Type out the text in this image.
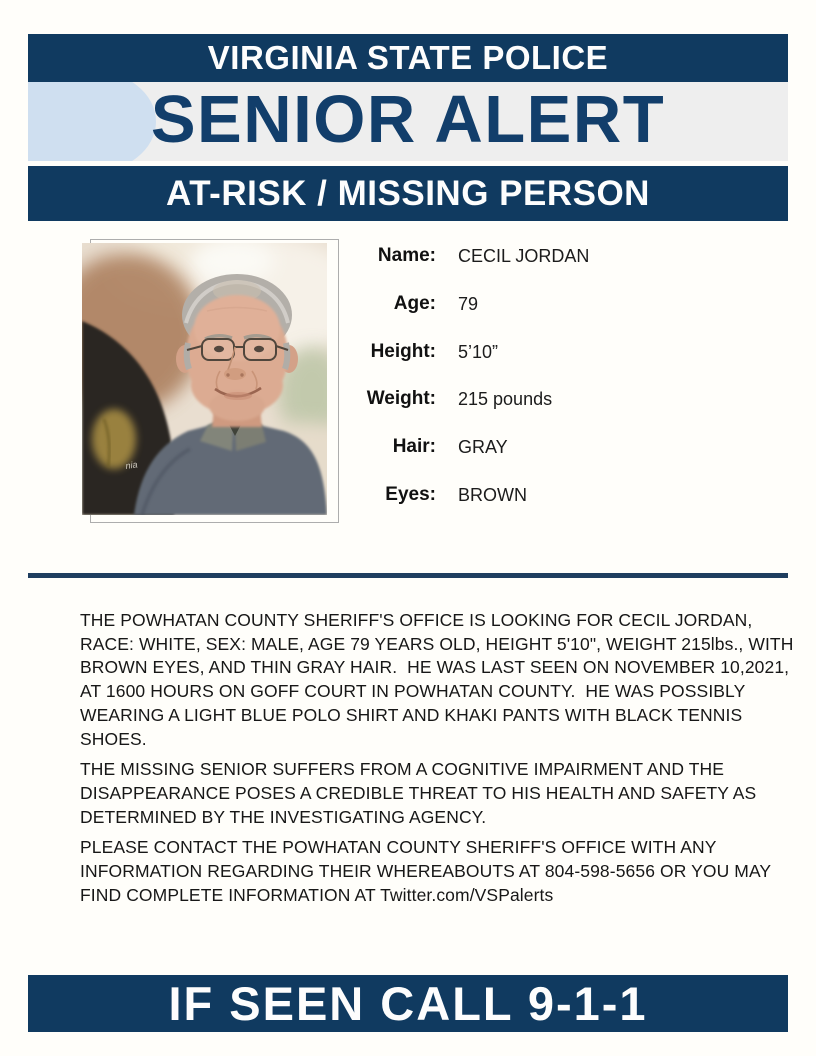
VIRGINIA STATE POLICE
SENIOR ALERT
AT-RISK / MISSING PERSON
nia
Name: CECIL JORDAN
Age: 79
Height: 5’10”
Weight: 215 pounds
Hair: GRAY
Eyes: BROWN
THE POWHATAN COUNTY SHERIFF'S OFFICE IS LOOKING FOR CECIL JORDAN,
RACE: WHITE, SEX: MALE, AGE 79 YEARS OLD, HEIGHT 5'10", WEIGHT 215lbs., WITH
BROWN EYES, AND THIN GRAY HAIR.  HE WAS LAST SEEN ON NOVEMBER 10,2021,
AT 1600 HOURS ON GOFF COURT IN POWHATAN COUNTY.  HE WAS POSSIBLY
WEARING A LIGHT BLUE POLO SHIRT AND KHAKI PANTS WITH BLACK TENNIS
SHOES.
THE MISSING SENIOR SUFFERS FROM A COGNITIVE IMPAIRMENT AND THE
DISAPPEARANCE POSES A CREDIBLE THREAT TO HIS HEALTH AND SAFETY AS
DETERMINED BY THE INVESTIGATING AGENCY.
PLEASE CONTACT THE POWHATAN COUNTY SHERIFF'S OFFICE WITH ANY
INFORMATION REGARDING THEIR WHEREABOUTS AT 804-598-5656 OR YOU MAY
FIND COMPLETE INFORMATION AT Twitter.com/VSPalerts
IF SEEN CALL 9-1-1
